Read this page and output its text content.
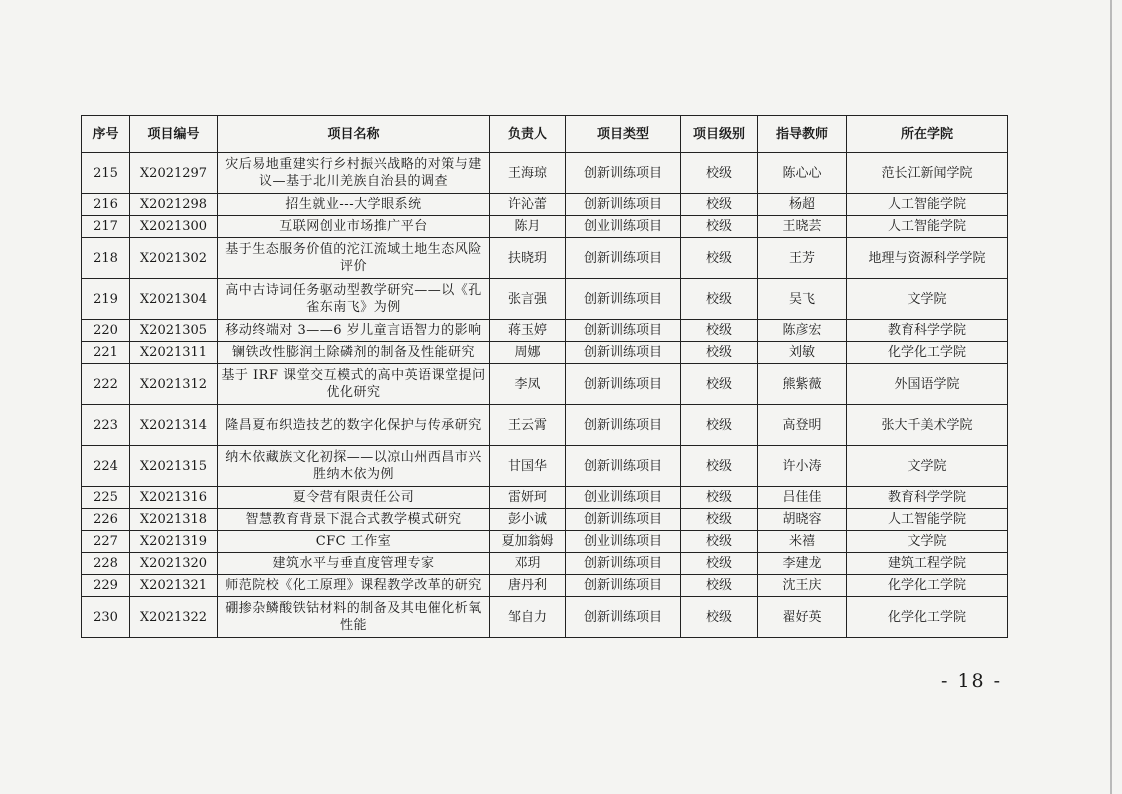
序号	项目编号	项目名称	负责人	项目类型	项目级别	指导教师	所在学院
215	X2021297	灾后易地重建实行乡村振兴战略的对策与建议—基于北川羌族自治县的调查	王海琼	创新训练项目	校级	陈心心	范长江新闻学院
216	X2021298	招生就业---大学眼系统	许沁蕾	创新训练项目	校级	杨超	人工智能学院
217	X2021300	互联网创业市场推广平台	陈月	创业训练项目	校级	王晓芸	人工智能学院
218	X2021302	基于生态服务价值的沱江流域土地生态风险评价	扶晓玥	创新训练项目	校级	王芳	地理与资源科学学院
219	X2021304	高中古诗词任务驱动型教学研究——以《孔雀东南飞》为例	张言强	创新训练项目	校级	吴飞	文学院
220	X2021305	移动终端对 3——6 岁儿童言语智力的影响	蒋玉婷	创新训练项目	校级	陈彦宏	教育科学学院
221	X2021311	镧铁改性膨润土除磷剂的制备及性能研究	周娜	创新训练项目	校级	刘敏	化学化工学院
222	X2021312	基于 IRF 课堂交互模式的高中英语课堂提问优化研究	李凤	创新训练项目	校级	熊紫薇	外国语学院
223	X2021314	隆昌夏布织造技艺的数字化保护与传承研究	王云霄	创新训练项目	校级	高登明	张大千美术学院
224	X2021315	纳木依藏族文化初探——以凉山州西昌市兴胜纳木依为例	甘国华	创新训练项目	校级	许小涛	文学院
225	X2021316	夏令营有限责任公司	雷妍珂	创业训练项目	校级	吕佳佳	教育科学学院
226	X2021318	智慧教育背景下混合式教学模式研究	彭小诚	创新训练项目	校级	胡晓容	人工智能学院
227	X2021319	CFC 工作室	夏加翁姆	创业训练项目	校级	米禧	文学院
228	X2021320	建筑水平与垂直度管理专家	邓玥	创新训练项目	校级	李建龙	建筑工程学院
229	X2021321	师范院校《化工原理》课程教学改革的研究	唐丹利	创新训练项目	校级	沈王庆	化学化工学院
230	X2021322	硼掺杂鳞酸铁钴材料的制备及其电催化析氧性能	邹自力	创新训练项目	校级	翟好英	化学化工学院
- 18 -
